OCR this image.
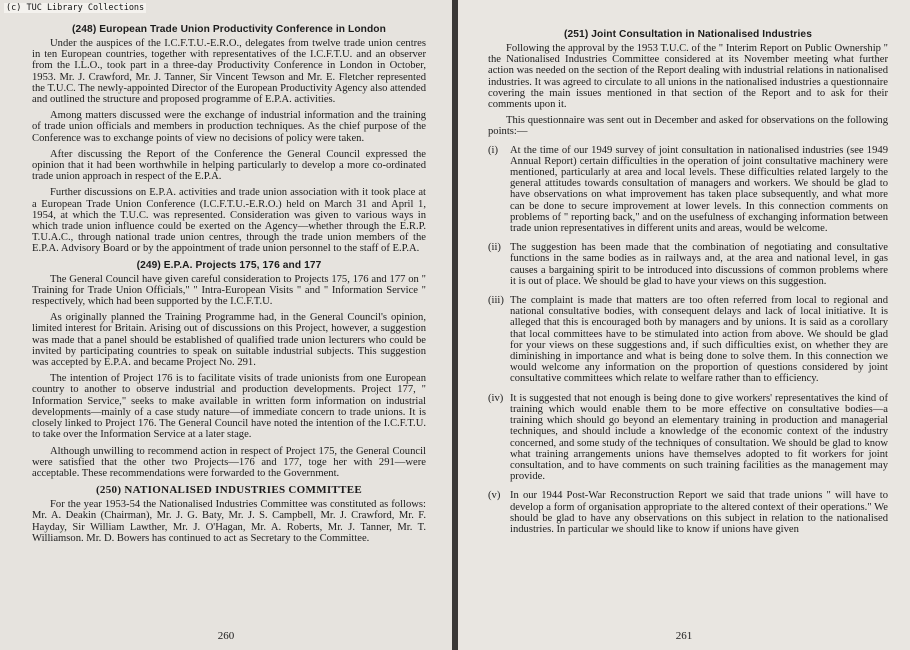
(248) European Trade Union Productivity Conference in London

Under the auspices of the I.C.F.T.U.-E.R.O., delegates from twelve trade union centres in ten European countries, together with representatives of the I.C.F.T.U. and an observer from the I.L.O., took part in a three-day Productivity Conference in London in October, 1953. Mr. J. Crawford, Mr. J. Tanner, Sir Vincent Tewson and Mr. E. Fletcher represented the T.U.C. The newly-appointed Director of the European Productivity Agency also attended and outlined the structure and proposed programme of E.P.A. activities.

Among matters discussed were the exchange of industrial information and the training of trade union officials and members in production techniques. As the chief purpose of the Conference was to exchange points of view no decisions of policy were taken.

After discussing the Report of the Conference the General Council expressed the opinion that it had been worthwhile in helping particularly to develop a more co-ordinated trade union approach in respect of the E.P.A.

Further discussions on E.P.A. activities and trade union association with it took place at a European Trade Union Conference (I.C.F.T.U.-E.R.O.) held on March 31 and April 1, 1954, at which the T.U.C. was represented. Consideration was given to various ways in which trade union influence could be exerted on the Agency—whether through the E.R.P. T.U.A.C., through national trade union centres, through the trade union members of the E.P.A. Advisory Board or by the appointment of trade union personnel to the staff of E.P.A.

(249) E.P.A. Projects 175, 176 and 177

The General Council have given careful consideration to Projects 175, 176 and 177 on " Training for Trade Union Officials," " Intra-European Visits " and " Information Service " respectively, which had been supported by the I.C.F.T.U.

As originally planned the Training Programme had, in the General Council's opinion, limited interest for Britain. Arising out of discussions on this Project, however, a suggestion was made that a panel should be established of qualified trade union lecturers who could be invited by participating countries to speak on suitable industrial subjects. This suggestion was accepted by E.P.A. and became Project No. 291.

The intention of Project 176 is to facilitate visits of trade unionists from one European country to another to observe industrial and production developments. Project 177, " Information Service," seeks to make available in written form information on industrial developments—mainly of a case study nature—of immediate concern to trade unions. It is closely linked to Project 176. The General Council have noted the intention of the I.C.F.T.U. to take over the Information Service at a later stage.

Although unwilling to recommend action in respect of Project 175, the General Council were satisfied that the other two Projects—176 and 177, toge her with 291—were acceptable. These recommendations were forwarded to the Government.

(250) NATIONALISED INDUSTRIES COMMITTEE

For the year 1953-54 the Nationalised Industries Committee was constituted as follows: Mr. A. Deakin (Chairman), Mr. J. G. Baty, Mr. J. S. Campbell, Mr. J. Crawford, Mr. F. Hayday, Sir William Lawther, Mr. J. O'Hagan, Mr. A. Roberts, Mr. J. Tanner, Mr. T. Williamson. Mr. D. Bowers has continued to act as Secretary to the Committee.

260
(251) Joint Consultation in Nationalised Industries

Following the approval by the 1953 T.U.C. of the " Interim Report on Public Ownership " the Nationalised Industries Committee considered at its November meeting what further action was needed on the section of the Report dealing with industrial relations in nationalised industries. It was agreed to circulate to all unions in the nationalised industries a questionnaire covering the main issues mentioned in that section of the Report and to ask for their comments upon it.

This questionnaire was sent out in December and asked for observations on the following points:—

(i) At the time of our 1949 survey of joint consultation in nationalised industries (see 1949 Annual Report) certain difficulties in the operation of joint consultative machinery were mentioned, particularly at area and local levels. These difficulties related largely to the general attitudes towards consultation of managers and workers. We should be glad to have observations on what improvement has taken place subsequently, and what more can be done to secure improvement at lower levels. In this connection comments on problems of " reporting back," and on the usefulness of exchanging information between trade union representatives in different units and areas, would be welcome.
(ii) The suggestion has been made that the combination of negotiating and consultative functions in the same bodies as in railways and, at the area and national level, in gas causes a bargaining spirit to be introduced into discussions of common problems where it is out of place. We should be glad to have your views on this suggestion.
(iii) The complaint is made that matters are too often referred from local to regional and national consultative bodies, with consequent delays and lack of local initiative. It is alleged that this is encouraged both by managers and by unions. It is said as a corollary that local committees have to be stimulated into action from above. We should be glad for your views on these suggestions and, if such difficulties exist, on whether they are diminishing in importance and what is being done to solve them. In this connection we would welcome any information on the proportion of questions considered by joint consultative committees which relate to welfare rather than to efficiency.
(iv) It is suggested that not enough is being done to give workers' representatives the kind of training which would enable them to be more effective on consultative bodies—a training which should go beyond an elementary training in production and managerial techniques, and should include a knowledge of the economic context of the industry concerned, and some study of the techniques of consultation. We should be glad to know what training arrangements unions have themselves adopted to fit workers for joint consultation, and to have comments on such training facilities as the management may provide.
(v) In our 1944 Post-War Reconstruction Report we said that trade unions " will have to develop a form of organisation appropriate to the altered context of their operations." We should be glad to have any observations on this subject in relation to the nationalised industries. In particular we should like to know if unions have given
261
(c) TUC Library Collections
